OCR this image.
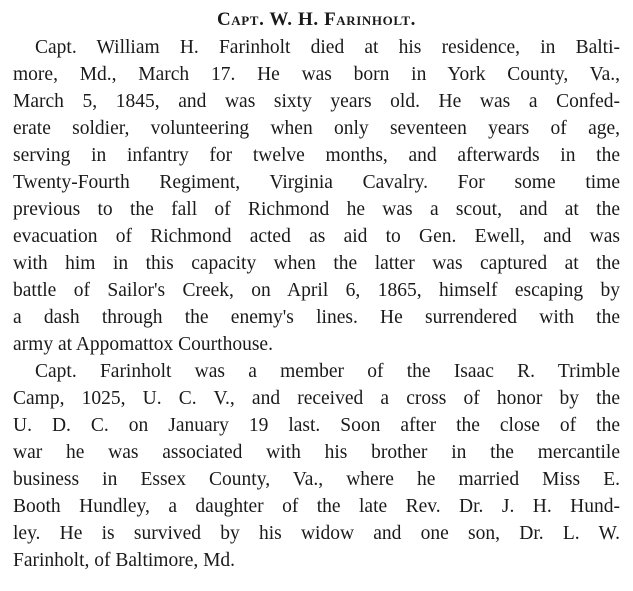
Capt. W. H. Farinholt.

Capt. William H. Farinholt died at his residence, in Balti-

more, Md., March 17. He was born in York County, Va.,

March 5, 1845, and was sixty years old. He was a Confed-

erate soldier, volunteering when only seventeen years of age,

serving in infantry for twelve months, and afterwards in the

Twenty-Fourth Regiment, Virginia Cavalry. For some time

previous to the fall of Richmond he was a scout, and at the

evacuation of Richmond acted as aid to Gen. Ewell, and was

with him in this capacity when the latter was captured at the

battle of Sailor's Creek, on April 6, 1865, himself escaping by

a dash through the enemy's lines. He surrendered with the

army at Appomattox Courthouse.

Capt. Farinholt was a member of the Isaac R. Trimble

Camp, 1025, U. C. V., and received a cross of honor by the

U. D. C. on January 19 last. Soon after the close of the

war he was associated with his brother in the mercantile

business in Essex County, Va., where he married Miss E.

Booth Hundley, a daughter of the late Rev. Dr. J. H. Hund-

ley. He is survived by his widow and one son, Dr. L. W.

Farinholt, of Baltimore, Md.
